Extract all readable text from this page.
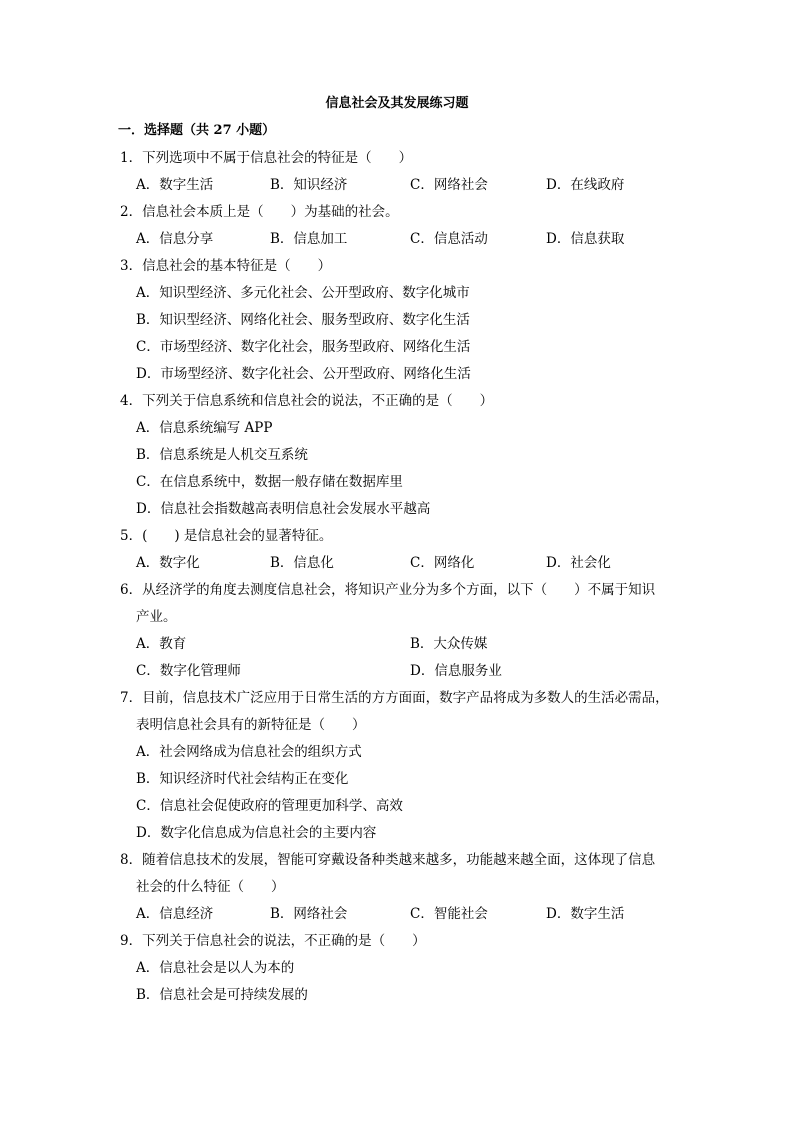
信息社会及其发展练习题
一．选择题（共 27 小题）
1．下列选项中不属于信息社会的特征是（　　）
A．数字生活	B．知识经济	C．网络社会	D．在线政府
2．信息社会本质上是（　　）为基础的社会。
A．信息分享	B．信息加工	C．信息活动	D．信息获取
3．信息社会的基本特征是（　　）
A．知识型经济、多元化社会、公开型政府、数字化城市
B．知识型经济、网络化社会、服务型政府、数字化生活
C．市场型经济、数字化社会，服务型政府、网络化生活
D．市场型经济、数字化社会、公开型政府、网络化生活
4．下列关于信息系统和信息社会的说法，不正确的是（　　）
A．信息系统编写 APP
B．信息系统是人机交互系统
C．在信息系统中，数据一般存储在数据库里
D．信息社会指数越高表明信息社会发展水平越高
5．(　　) 是信息社会的显著特征。
A．数字化	B．信息化	C．网络化	D．社会化
6．从经济学的角度去测度信息社会，将知识产业分为多个方面，以下（　　）不属于知识
产业。
A．教育	B．大众传媒
C．数字化管理师	D．信息服务业
7．目前，信息技术广泛应用于日常生活的方方面面，数字产品将成为多数人的生活必需品，
表明信息社会具有的新特征是（　　）
A．社会网络成为信息社会的组织方式
B．知识经济时代社会结构正在变化
C．信息社会促使政府的管理更加科学、高效
D．数字化信息成为信息社会的主要内容
8．随着信息技术的发展，智能可穿戴设备种类越来越多，功能越来越全面，这体现了信息
社会的什么特征（　　）
A．信息经济	B．网络社会	C．智能社会	D．数字生活
9．下列关于信息社会的说法，不正确的是（　　）
A．信息社会是以人为本的
B．信息社会是可持续发展的
